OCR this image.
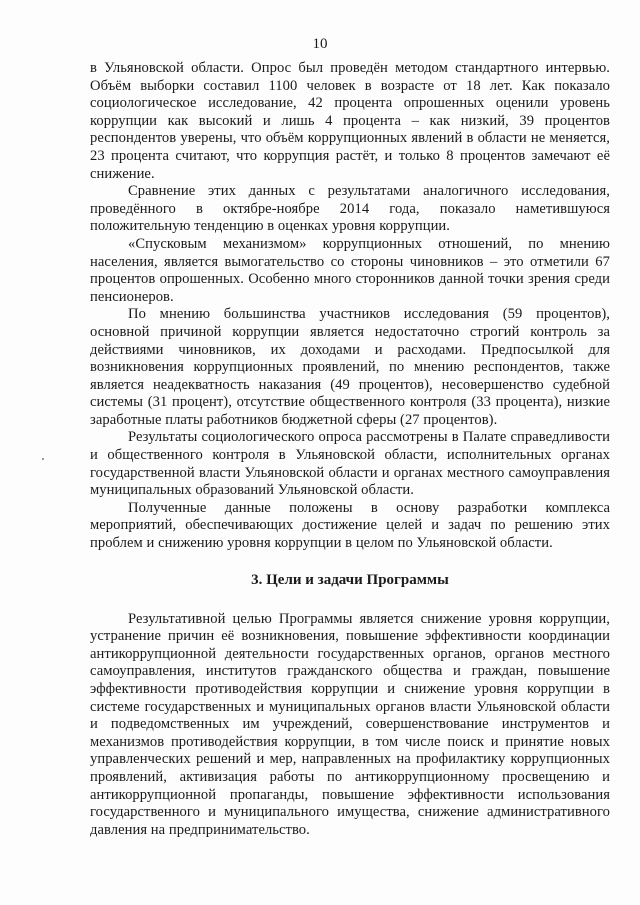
10

в Ульяновской области. Опрос был проведён методом стандартного интервью. Объём выборки составил 1100 человек в возрасте от 18 лет. Как показало социологическое исследование, 42 процента опрошенных оценили уровень коррупции как высокий и лишь 4 процента – как низкий, 39 процентов респондентов уверены, что объём коррупционных явлений в области не меняется, 23 процента считают, что коррупция растёт, и только 8 процентов замечают её снижение.

Сравнение этих данных с результатами аналогичного исследования, проведённого в октябре-ноябре 2014 года, показало наметившуюся положительную тенденцию в оценках уровня коррупции.

«Спусковым механизмом» коррупционных отношений, по мнению населения, является вымогательство со стороны чиновников – это отметили 67 процентов опрошенных. Особенно много сторонников данной точки зрения среди пенсионеров.

По мнению большинства участников исследования (59 процентов), основной причиной коррупции является недостаточно строгий контроль за действиями чиновников, их доходами и расходами. Предпосылкой для возникновения коррупционных проявлений, по мнению респондентов, также является неадекватность наказания (49 процентов), несовершенство судебной системы (31 процент), отсутствие общественного контроля (33 процента), низкие заработные платы работников бюджетной сферы (27 процентов).

Результаты социологического опроса рассмотрены в Палате справедливости и общественного контроля в Ульяновской области, исполнительных органах государственной власти Ульяновской области и органах местного самоуправления муниципальных образований Ульяновской области.

Полученные данные положены в основу разработки комплекса мероприятий, обеспечивающих достижение целей и задач по решению этих проблем и снижению уровня коррупции в целом по Ульяновской области.

3. Цели и задачи Программы

Результативной целью Программы является снижение уровня коррупции, устранение причин её возникновения, повышение эффективности координации антикоррупционной деятельности государственных органов, органов местного самоуправления, институтов гражданского общества и граждан, повышение эффективности противодействия коррупции и снижение уровня коррупции в системе государственных и муниципальных органов власти Ульяновской области и подведомственных им учреждений, совершенствование инструментов и механизмов противодействия коррупции, в том числе поиск и принятие новых управленческих решений и мер, направленных на профилактику коррупционных проявлений, активизация работы по антикоррупционному просвещению и антикоррупционной пропаганды, повышение эффективности использования государственного и муниципального имущества, снижение административного давления на предпринимательство.
